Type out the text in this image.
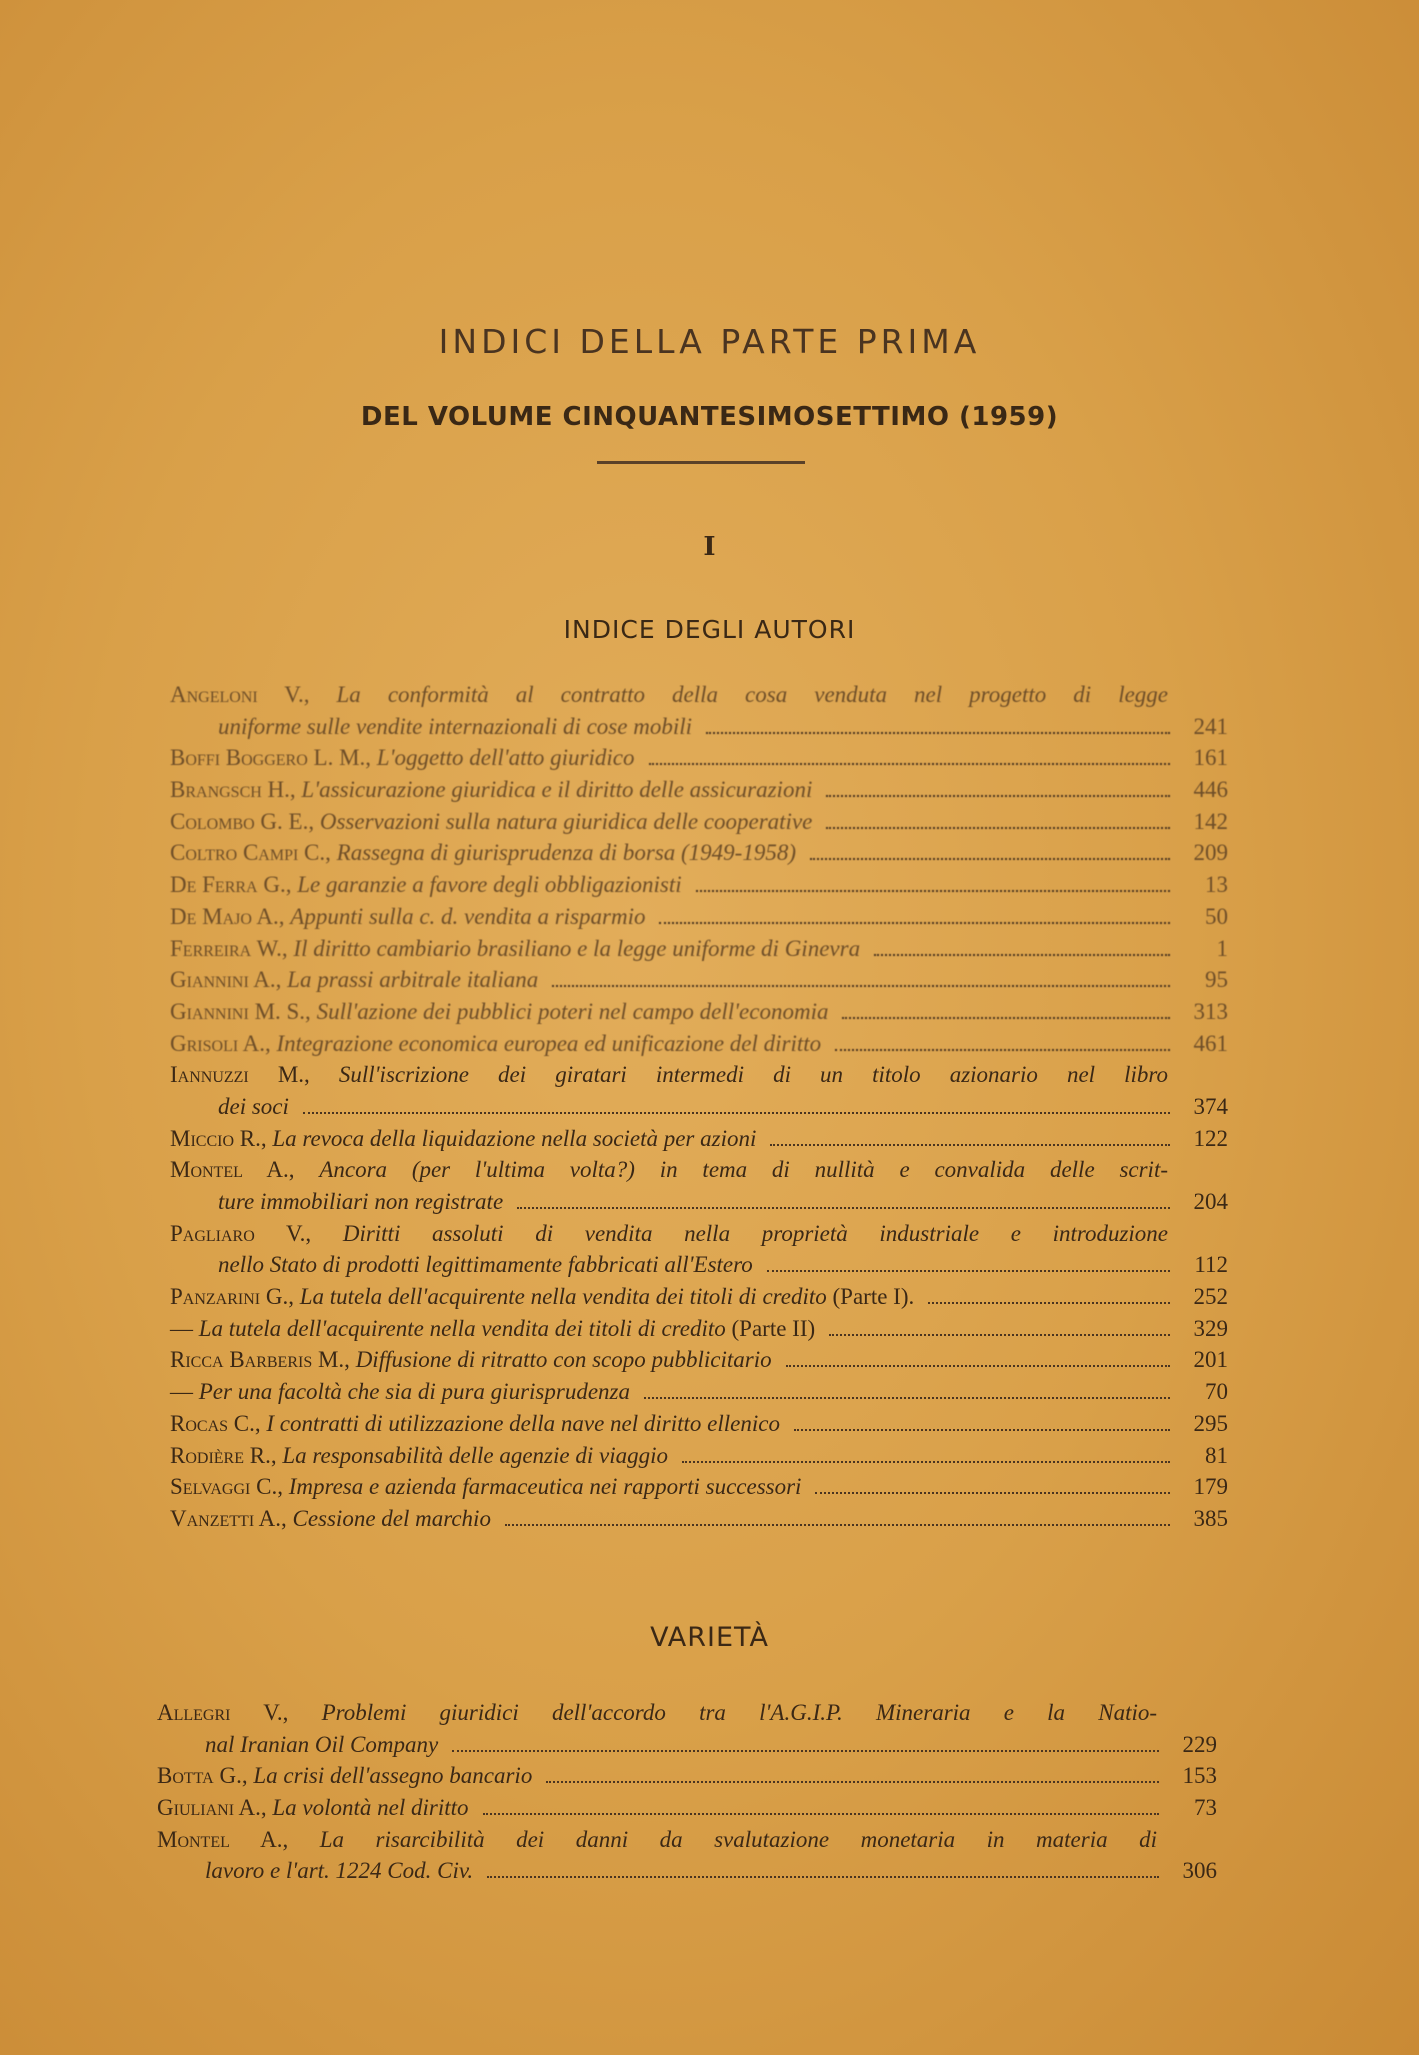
INDICI DELLA PARTE PRIMA
DEL VOLUME CINQUANTESIMOSETTIMO (1959)
I
INDICE DEGLI AUTORI
Angeloni V., La conformità al contratto della cosa venduta nel progetto di legge
uniforme sulle vendite internazionali di cose mobili	241
Boffi Boggero L. M.,
L'oggetto dell'atto giuridico	161
Brangsch H.,
L'assicurazione giuridica e il diritto delle assicurazioni	446
Colombo G. E.,
Osservazioni sulla natura giuridica delle cooperative	142
Coltro Campi C.,
Rassegna di giurisprudenza di borsa (1949-1958)	209
De Ferra G.,
Le garanzie a favore degli obbligazionisti	13
De Majo A.,
Appunti sulla c. d. vendita a risparmio	50
Ferreira W.,
Il diritto cambiario brasiliano e la legge uniforme di Ginevra	1
Giannini A.,
La prassi arbitrale italiana	95
Giannini M. S.,
Sull'azione dei pubblici poteri nel campo dell'economia	313
Grisoli A.,
Integrazione economica europea ed unificazione del diritto	461
Iannuzzi M., Sull'iscrizione dei giratari intermedi di un titolo azionario nel libro
dei soci	374
Miccio R.,
La revoca della liquidazione nella società per azioni	122
Montel A., Ancora (per l'ultima volta?) in tema di nullità e convalida delle scrit-
ture immobiliari non registrate	204
Pagliaro V., Diritti assoluti di vendita nella proprietà industriale e introduzione
nello Stato di prodotti legittimamente fabbricati all'Estero	112
Panzarini G.,
La tutela dell'acquirente nella vendita dei titoli di credito
(Parte I).	252
—
La tutela dell'acquirente nella vendita dei titoli di credito
(Parte II)	329
Ricca Barberis M.,
Diffusione di ritratto con scopo pubblicitario	201
—
Per una facoltà che sia di pura giurisprudenza	70
Rocas C.,
I contratti di utilizzazione della nave nel diritto ellenico	295
Rodière R.,
La responsabilità delle agenzie di viaggio	81
Selvaggi C.,
Impresa e azienda farmaceutica nei rapporti successori	179
Vanzetti A.,
Cessione del marchio	385
VARIETÀ
Allegri V., Problemi giuridici dell'accordo tra l'A.G.I.P. Mineraria e la Natio-
nal Iranian Oil Company	229
Botta G.,
La crisi dell'assegno bancario	153
Giuliani A.,
La volontà nel diritto	73
Montel A., La risarcibilità dei danni da svalutazione monetaria in materia di
lavoro e l'art. 1224 Cod. Civ.	306
